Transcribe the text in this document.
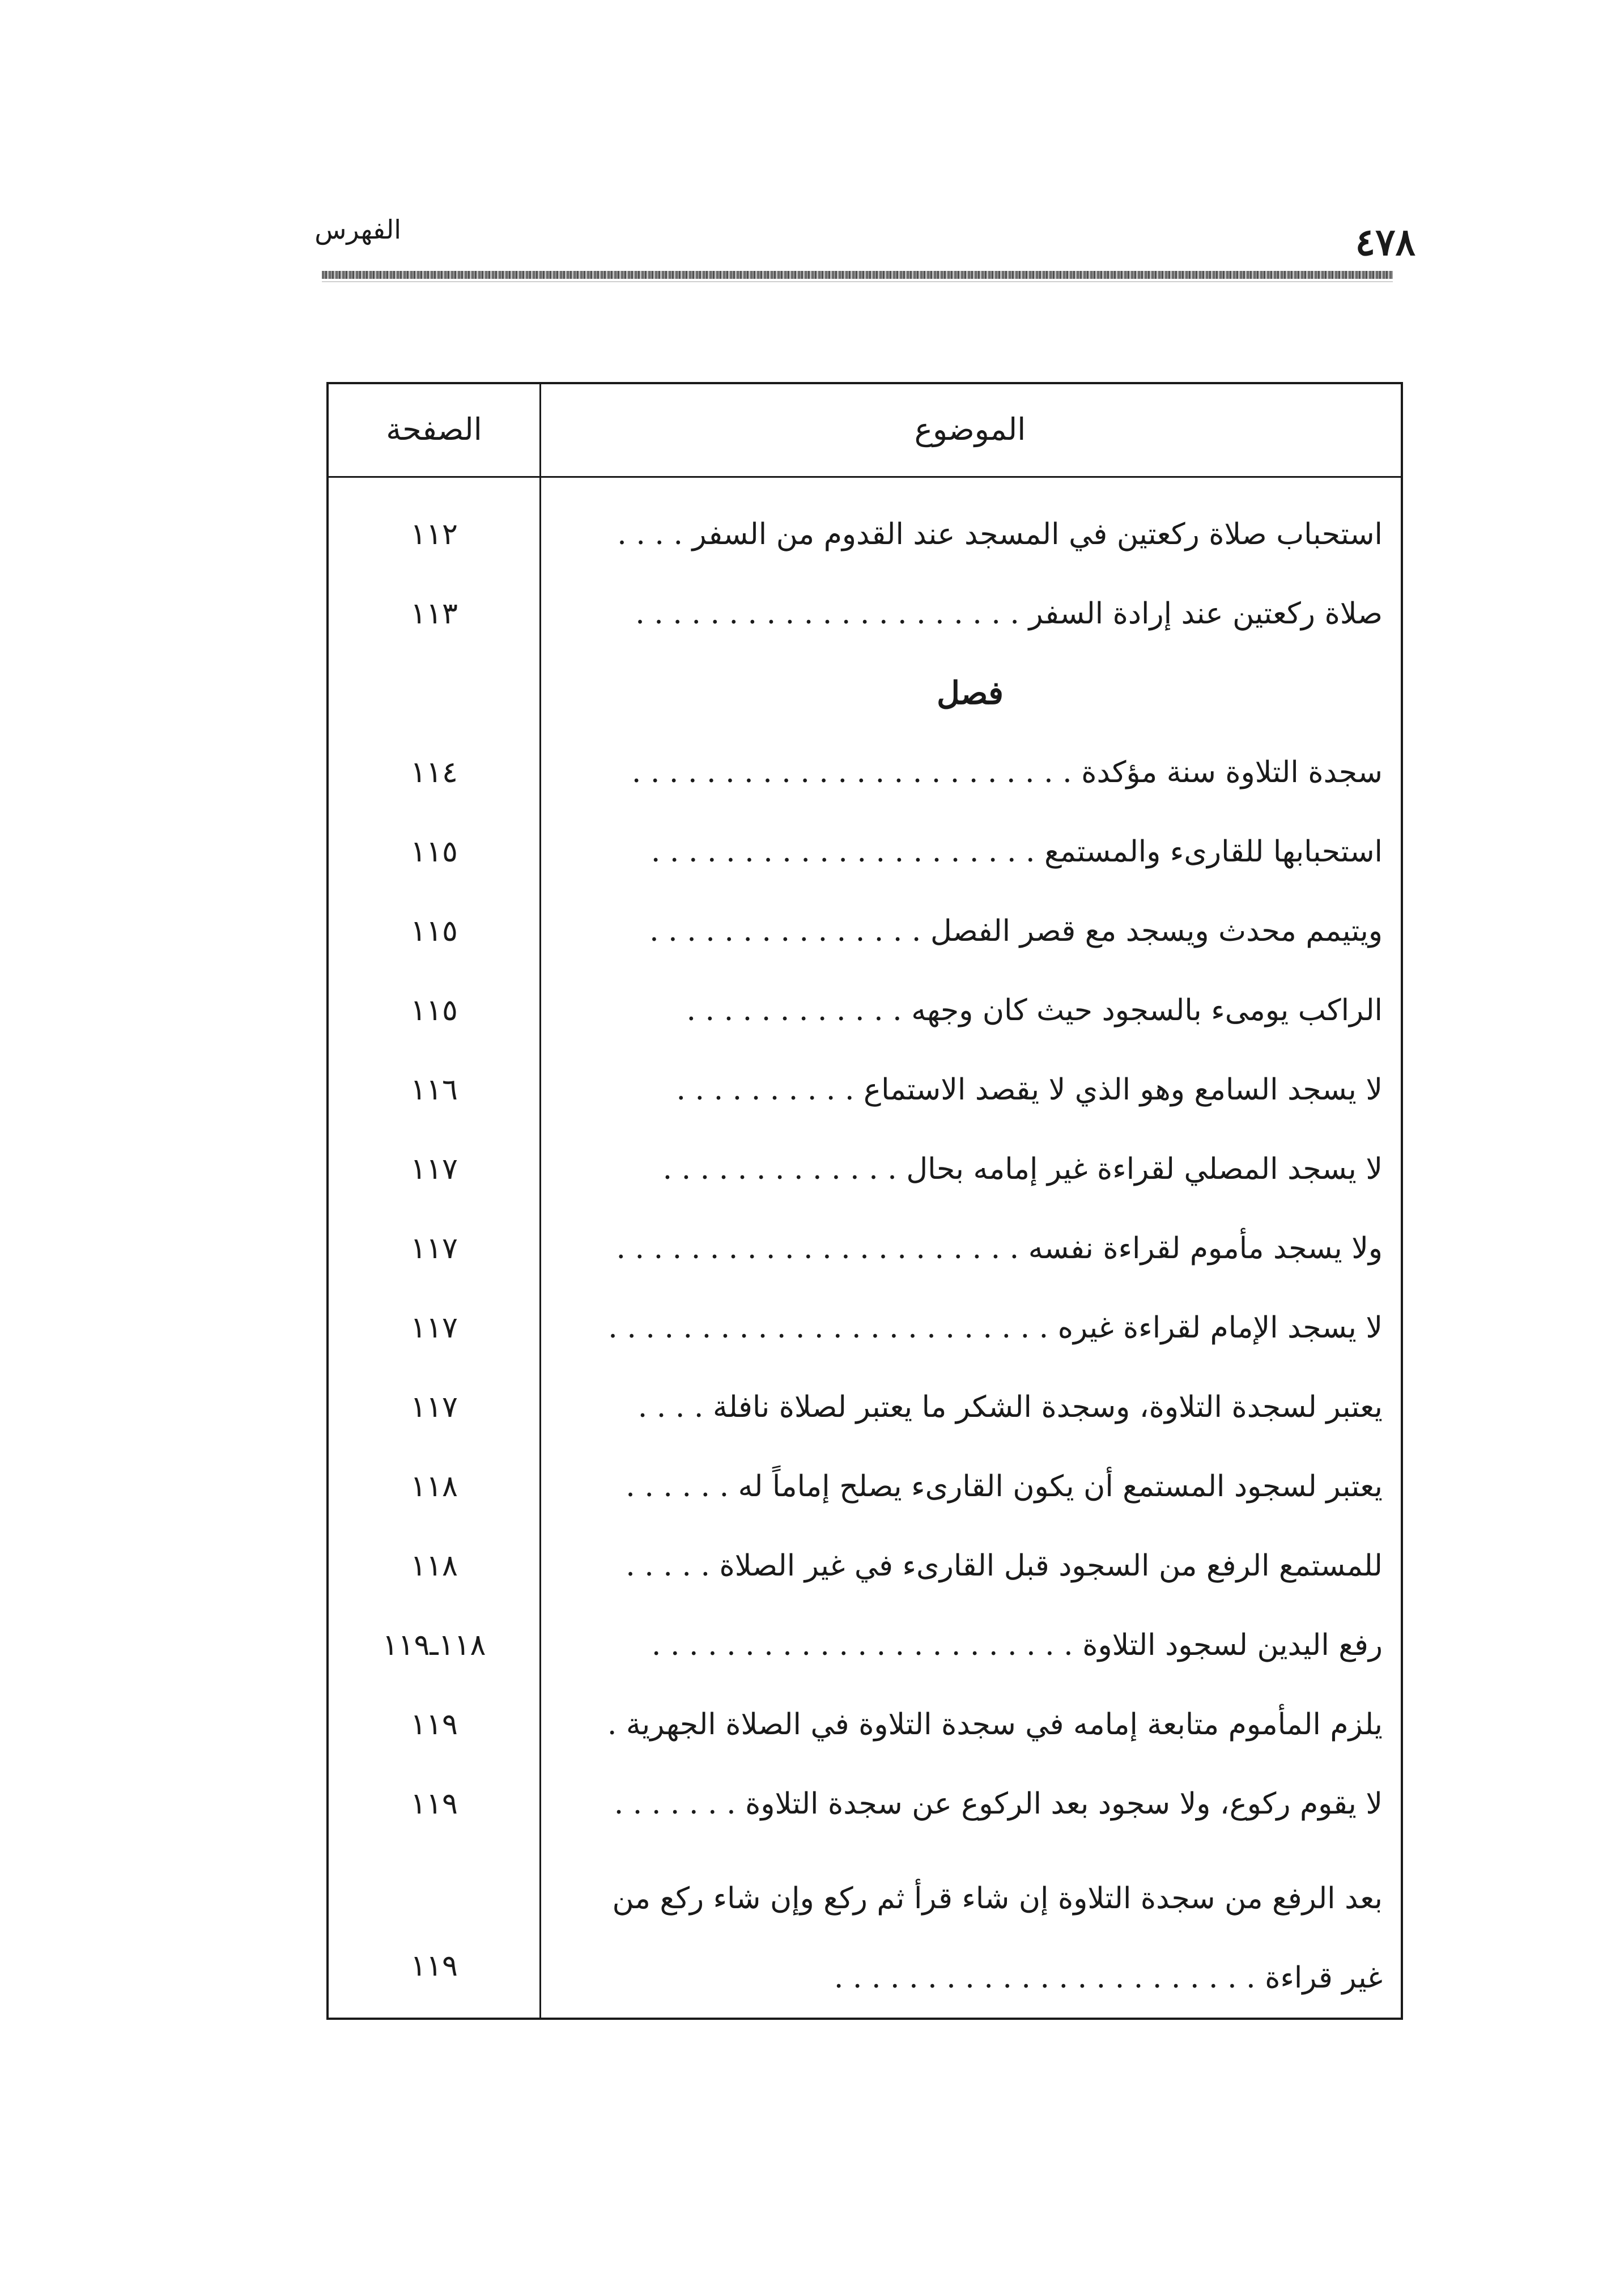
الفهرس	٤٧٨
الموضوع
الصفحة
استحباب صلاة ركعتين في المسجد عند القدوم من السفر . . . .
١١٢
صلاة ركعتين عند إرادة السفر . . . . . . . . . . . . . . . . . . . . .
١١٣
فصل
سجدة التلاوة سنة مؤكدة . . . . . . . . . . . . . . . . . . . . . . . .
١١٤
استحبابها للقارىء والمستمع . . . . . . . . . . . . . . . . . . . . .
١١٥
ويتيمم محدث ويسجد مع قصر الفصل . . . . . . . . . . . . . . .
١١٥
الراكب يومىء بالسجود حيث كان وجهه . . . . . . . . . . . .
١١٥
لا يسجد السامع وهو الذي لا يقصد الاستماع . . . . . . . . . .
١١٦
لا يسجد المصلي لقراءة غير إمامه بحال . . . . . . . . . . . . .
١١٧
ولا يسجد مأموم لقراءة نفسه . . . . . . . . . . . . . . . . . . . . . .
١١٧
لا يسجد الإمام لقراءة غيره . . . . . . . . . . . . . . . . . . . . . . . .
١١٧
يعتبر لسجدة التلاوة، وسجدة الشكر ما يعتبر لصلاة نافلة . . . .
١١٧
يعتبر لسجود المستمع أن يكون القارىء يصلح إماماً له . . . . . .
١١٨
للمستمع الرفع من السجود قبل القارىء في غير الصلاة . . . . .
١١٨
رفع اليدين لسجود التلاوة . . . . . . . . . . . . . . . . . . . . . . .
١١٨ـ١١٩
يلزم المأموم متابعة إمامه في سجدة التلاوة في الصلاة الجهرية .
١١٩
لا يقوم ركوع، ولا سجود بعد الركوع عن سجدة التلاوة . . . . . . .
١١٩
بعد الرفع من سجدة التلاوة إن شاء قرأ ثم ركع وإن شاء ركع من غير قراءة . . . . . . . . . . . . . . . . . . . . . . .
١١٩
